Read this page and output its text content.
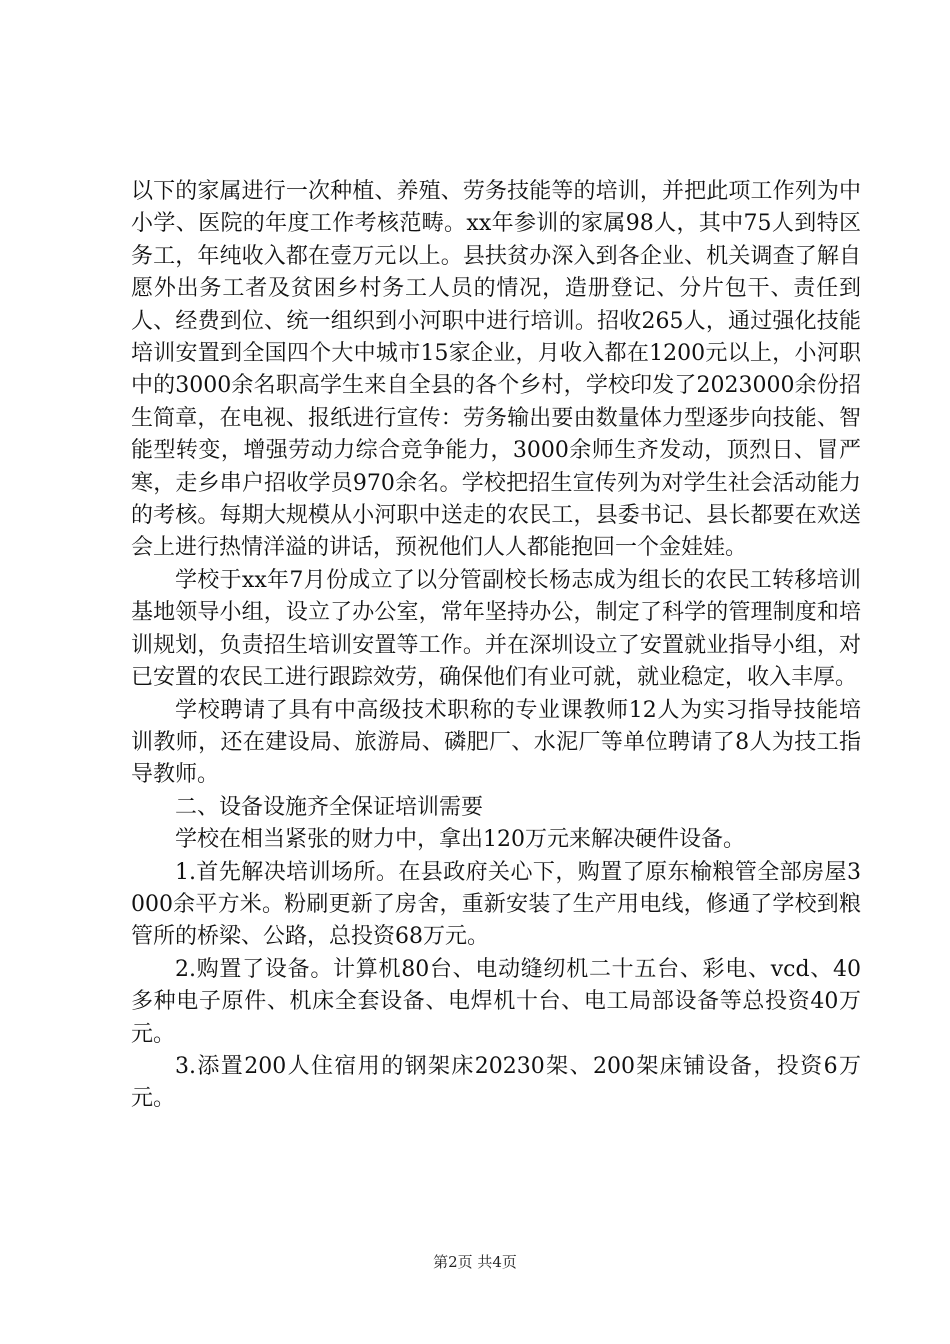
以下的家属进行一次种植、养殖、劳务技能等的培训，并把此项工作列为中小学、医院的年度工作考核范畴。xx年参训的家属98人，其中75人到特区务工，年纯收入都在壹万元以上。县扶贫办深入到各企业、机关调查了解自愿外出务工者及贫困乡村务工人员的情况，造册登记、分片包干、责任到人、经费到位、统一组织到小河职中进行培训。招收265人，通过强化技能培训安置到全国四个大中城市15家企业，月收入都在1200元以上，小河职中的3000余名职高学生来自全县的各个乡村，学校印发了2023000余份招生简章，在电视、报纸进行宣传：劳务输出要由数量体力型逐步向技能、智能型转变，增强劳动力综合竞争能力，3000余师生齐发动，顶烈日、冒严寒，走乡串户招收学员970余名。学校把招生宣传列为对学生社会活动能力的考核。每期大规模从小河职中送走的农民工，县委书记、县长都要在欢送会上进行热情洋溢的讲话，预祝他们人人都能抱回一个金娃娃。

学校于xx年7月份成立了以分管副校长杨志成为组长的农民工转移培训基地领导小组，设立了办公室，常年坚持办公，制定了科学的管理制度和培训规划，负责招生培训安置等工作。并在深圳设立了安置就业指导小组，对已安置的农民工进行跟踪效劳，确保他们有业可就，就业稳定，收入丰厚。

学校聘请了具有中高级技术职称的专业课教师12人为实习指导技能培训教师，还在建设局、旅游局、磷肥厂、水泥厂等单位聘请了8人为技工指导教师。

二、设备设施齐全保证培训需要

学校在相当紧张的财力中，拿出120万元来解决硬件设备。

1.首先解决培训场所。在县政府关心下，购置了原东榆粮管全部房屋3000余平方米。粉刷更新了房舍，重新安装了生产用电线，修通了学校到粮管所的桥梁、公路，总投资68万元。

2.购置了设备。计算机80台、电动缝纫机二十五台、彩电、vcd、40多种电子原件、机床全套设备、电焊机十台、电工局部设备等总投资40万元。

3.添置200人住宿用的钢架床20230架、200架床铺设备，投资6万元。

第2页 共4页
